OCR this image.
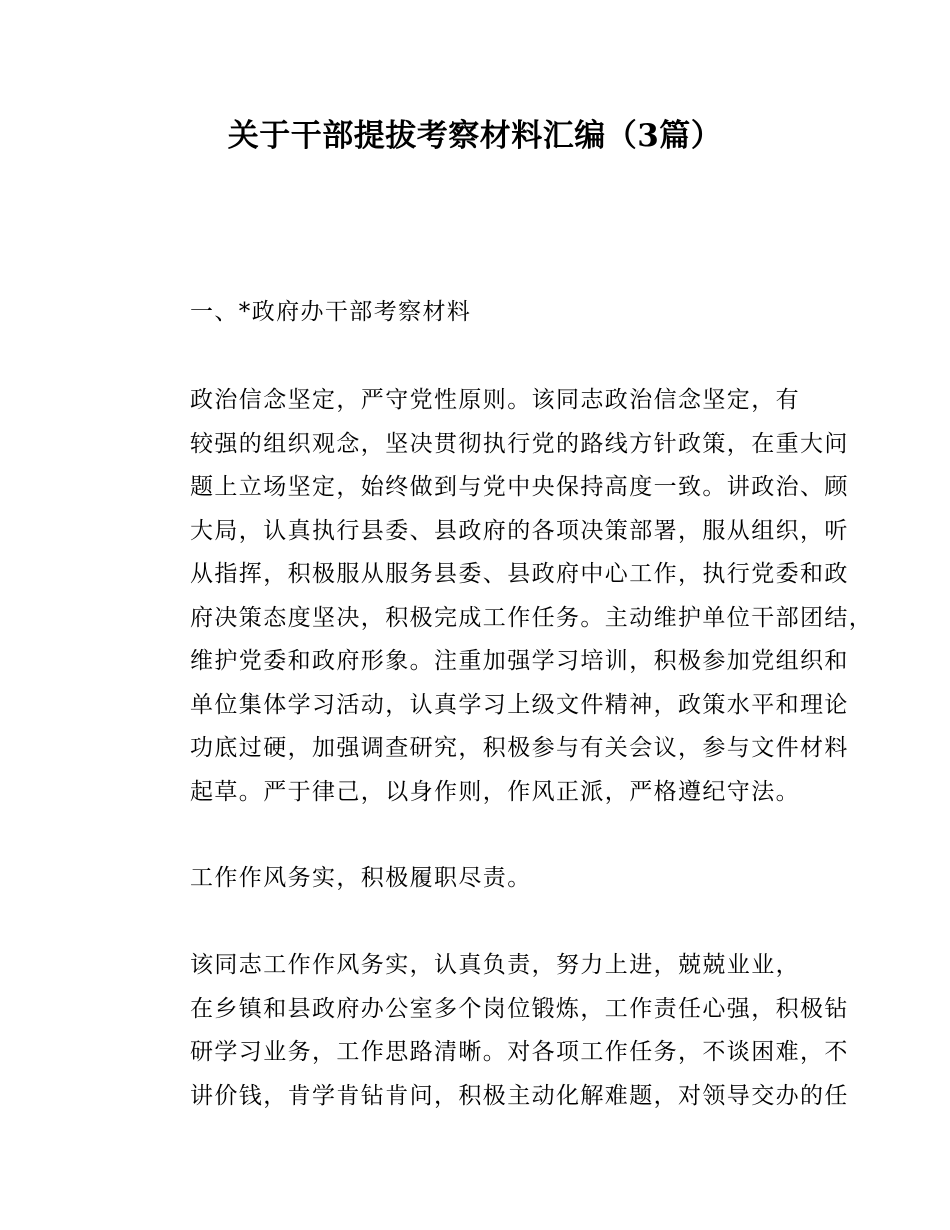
关于干部提拔考察材料汇编（3篇）

一、*政府办干部考察材料

政治信念坚定，严守党性原则。该同志政治信念坚定，有
较强的组织观念，坚决贯彻执行党的路线方针政策，在重大问
题上立场坚定，始终做到与党中央保持高度一致。讲政治、顾
大局，认真执行县委、县政府的各项决策部署，服从组织，听
从指挥，积极服从服务县委、县政府中心工作，执行党委和政
府决策态度坚决，积极完成工作任务。主动维护单位干部团结，
维护党委和政府形象。注重加强学习培训，积极参加党组织和
单位集体学习活动，认真学习上级文件精神，政策水平和理论
功底过硬，加强调查研究，积极参与有关会议，参与文件材料
起草。严于律己，以身作则，作风正派，严格遵纪守法。

工作作风务实，积极履职尽责。

该同志工作作风务实，认真负责，努力上进，兢兢业业，
在乡镇和县政府办公室多个岗位锻炼，工作责任心强，积极钻
研学习业务，工作思路清晰。对各项工作任务，不谈困难，不
讲价钱，肯学肯钻肯问，积极主动化解难题，对领导交办的任
